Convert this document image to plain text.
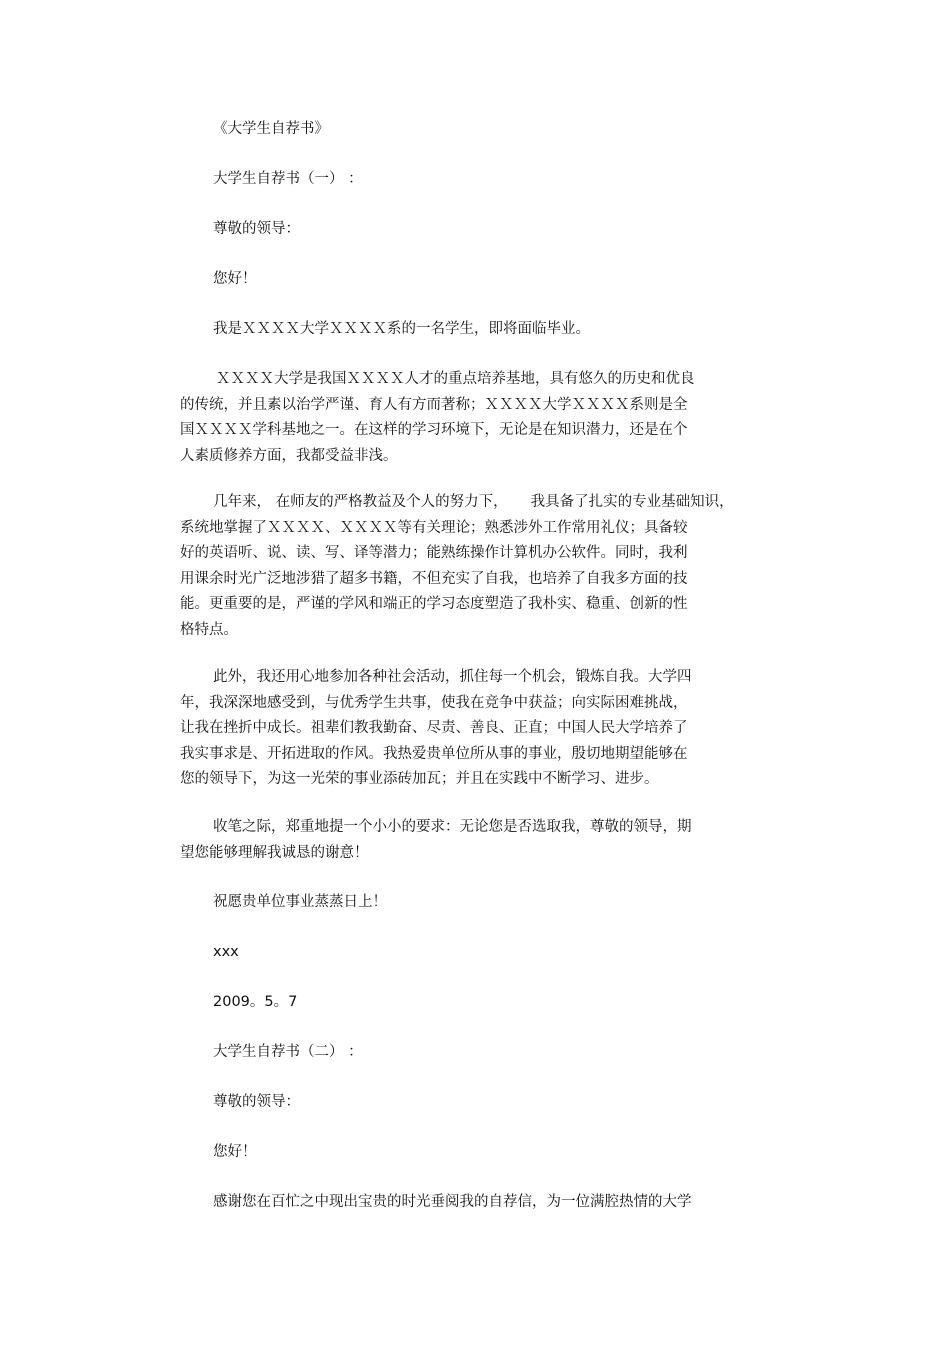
《大学生自荐书》
大学生自荐书（一） ：
尊敬的领导：
您好！
我是ＸＸＸＸ大学ＸＸＸＸ系的一名学生，即将面临毕业。
ＸＸＸＸ大学是我国ＸＸＸＸ人才的重点培养基地，具有悠久的历史和优良
的传统，并且素以治学严谨、育人有方而著称；ＸＸＸＸ大学ＸＸＸＸ系则是全
国ＸＸＸＸ学科基地之一。在这样的学习环境下，无论是在知识潜力，还是在个
人素质修养方面，我都受益非浅。
几年来， 在师友的严格教益及个人的努力下，     我具备了扎实的专业基础知识，
系统地掌握了ＸＸＸＸ、ＸＸＸＸ等有关理论；熟悉涉外工作常用礼仪；具备较
好的英语听、说、读、写、译等潜力；能熟练操作计算机办公软件。同时，我利
用课余时光广泛地涉猎了超多书籍，不但充实了自我，也培养了自我多方面的技
能。更重要的是，严谨的学风和端正的学习态度塑造了我朴实、稳重、创新的性
格特点。
此外，我还用心地参加各种社会活动，抓住每一个机会，锻炼自我。大学四
年，我深深地感受到，与优秀学生共事，使我在竞争中获益；向实际困难挑战，
让我在挫折中成长。祖辈们教我勤奋、尽责、善良、正直；中国人民大学培养了
我实事求是、开拓进取的作风。我热爱贵单位所从事的事业，殷切地期望能够在
您的领导下，为这一光荣的事业添砖加瓦；并且在实践中不断学习、进步。
收笔之际，郑重地提一个小小的要求：无论您是否选取我，尊敬的领导，期
望您能够理解我诚恳的谢意！
祝愿贵单位事业蒸蒸日上！
xxx
2009。5。7
大学生自荐书（二） ：
尊敬的领导：
您好！
感谢您在百忙之中现出宝贵的时光垂阅我的自荐信，为一位满腔热情的大学
